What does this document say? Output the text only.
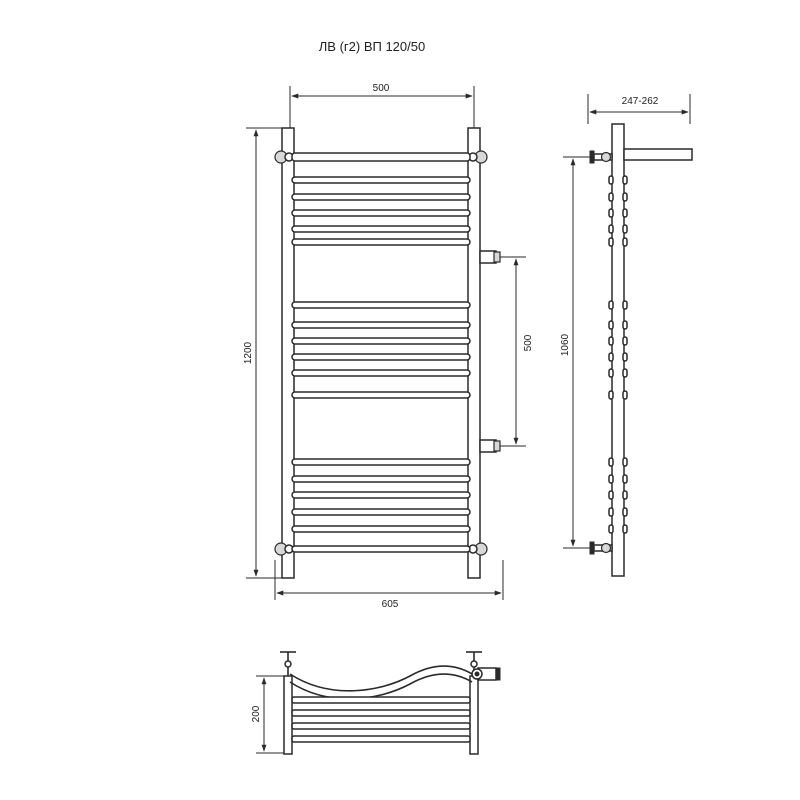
ЛВ (г2) ВП 120/50
500
1200	500
605
247-262
1060
200
